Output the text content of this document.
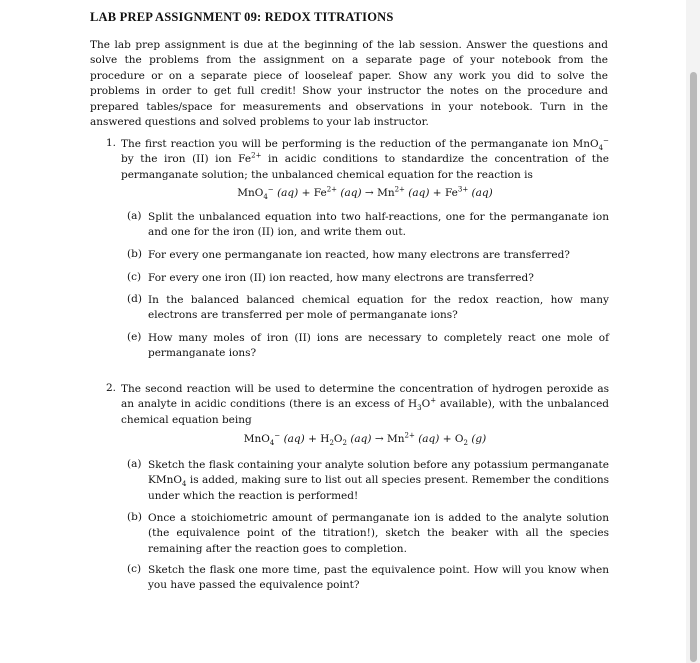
LAB PREP ASSIGNMENT 09: REDOX TITRATIONS
The lab prep assignment is due at the beginning of the lab session. Answer the questions and solve the problems from the assignment on a separate page of your notebook from the procedure or on a separate piece of looseleaf paper. Show any work you did to solve the problems in order to get full credit! Show your instructor the notes on the procedure and prepared tables/space for measurements and observations in your notebook. Turn in the answered questions and solved problems to your lab instructor.
1. The first reaction you will be performing is the reduction of the permanganate ion MnO$_4$− by the iron (II) ion $Fe^{2+}$ in acidic conditions to standardize the concentration of the permanganate solution; the unbalanced chemical equation for the reaction is
MnO$_4$− $(aq) + Fe^{2+}$ $(aq) \to Mn^{2+}$ $(aq) + Fe^{3+}$ (aq)
(a) Split the unbalanced equation into two half-reactions, one for the permanganate ion and one for the iron (II) ion, and write them out.
(b) For every one permanganate ion reacted, how many electrons are transferred?
(c) For every one iron (II) ion reacted, how many electrons are transferred?
(d) In the balanced balanced chemical equation for the redox reaction, how many electrons are transferred per mole of permanganate ions?
(e) How many moles of iron (II) ions are necessary to completely react one mole of permanganate ions?
2. The second reaction will be used to determine the concentration of hydrogen peroxide as an analyte in acidic conditions (there is an excess of $H_3O^+$ available), with the unbalanced chemical equation being
MnO$_4$− $(aq) + H_2O_2$ $(aq) \to Mn^{2+}$ $(aq) + O_2$ (g)
(a) Sketch the flask containing your analyte solution before any potassium permanganate KMnO$_4$ is added, making sure to list out all species present. Remember the conditions under which the reaction is performed!
(b) Once a stoichiometric amount of permanganate ion is added to the analyte solution (the equivalence point of the titration!), sketch the beaker with all the species remaining after the reaction goes to completion.
(c) Sketch the flask one more time, past the equivalence point. How will you know when you have passed the equivalence point?
